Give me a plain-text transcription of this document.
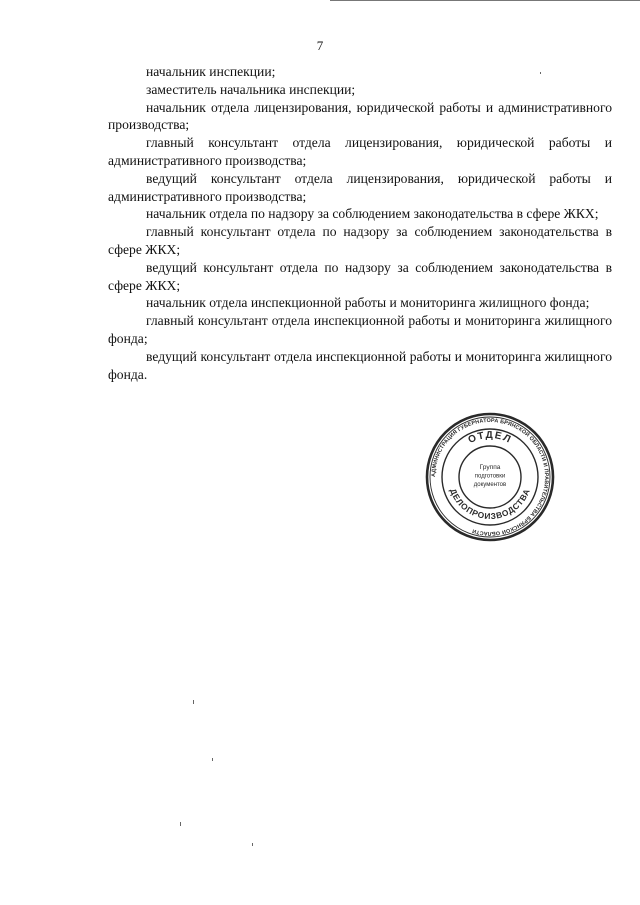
7

начальник инспекции;

заместитель начальника инспекции;

начальник отдела лицензирования, юридической работы и административного производства;

главный консультант отдела лицензирования, юридической работы и административного производства;

ведущий консультант отдела лицензирования, юридической работы и административного производства;

начальник отдела по надзору за соблюдением законодательства в сфере ЖКХ;

главный консультант отдела по надзору за соблюдением законодательства в сфере ЖКХ;

ведущий консультант отдела по надзору за соблюдением законодательства в сфере ЖКХ;

начальник отдела инспекционной работы и мониторинга жилищного фонда;

главный консультант отдела инспекционной работы и мониторинга жилищного фонда;

ведущий консультант отдела инспекционной работы и мониторинга жилищного фонда.

АДМИНИСТРАЦИЯ ГУБЕРНАТОРА БРЯНСКОЙ ОБЛАСТИ И ПРАВИТЕЛЬСТВА БРЯНСКОЙ ОБЛАСТИ
ОТДЕЛ
ДЕЛОПРОИЗВОДСТВА
Группа
подготовки
документов
